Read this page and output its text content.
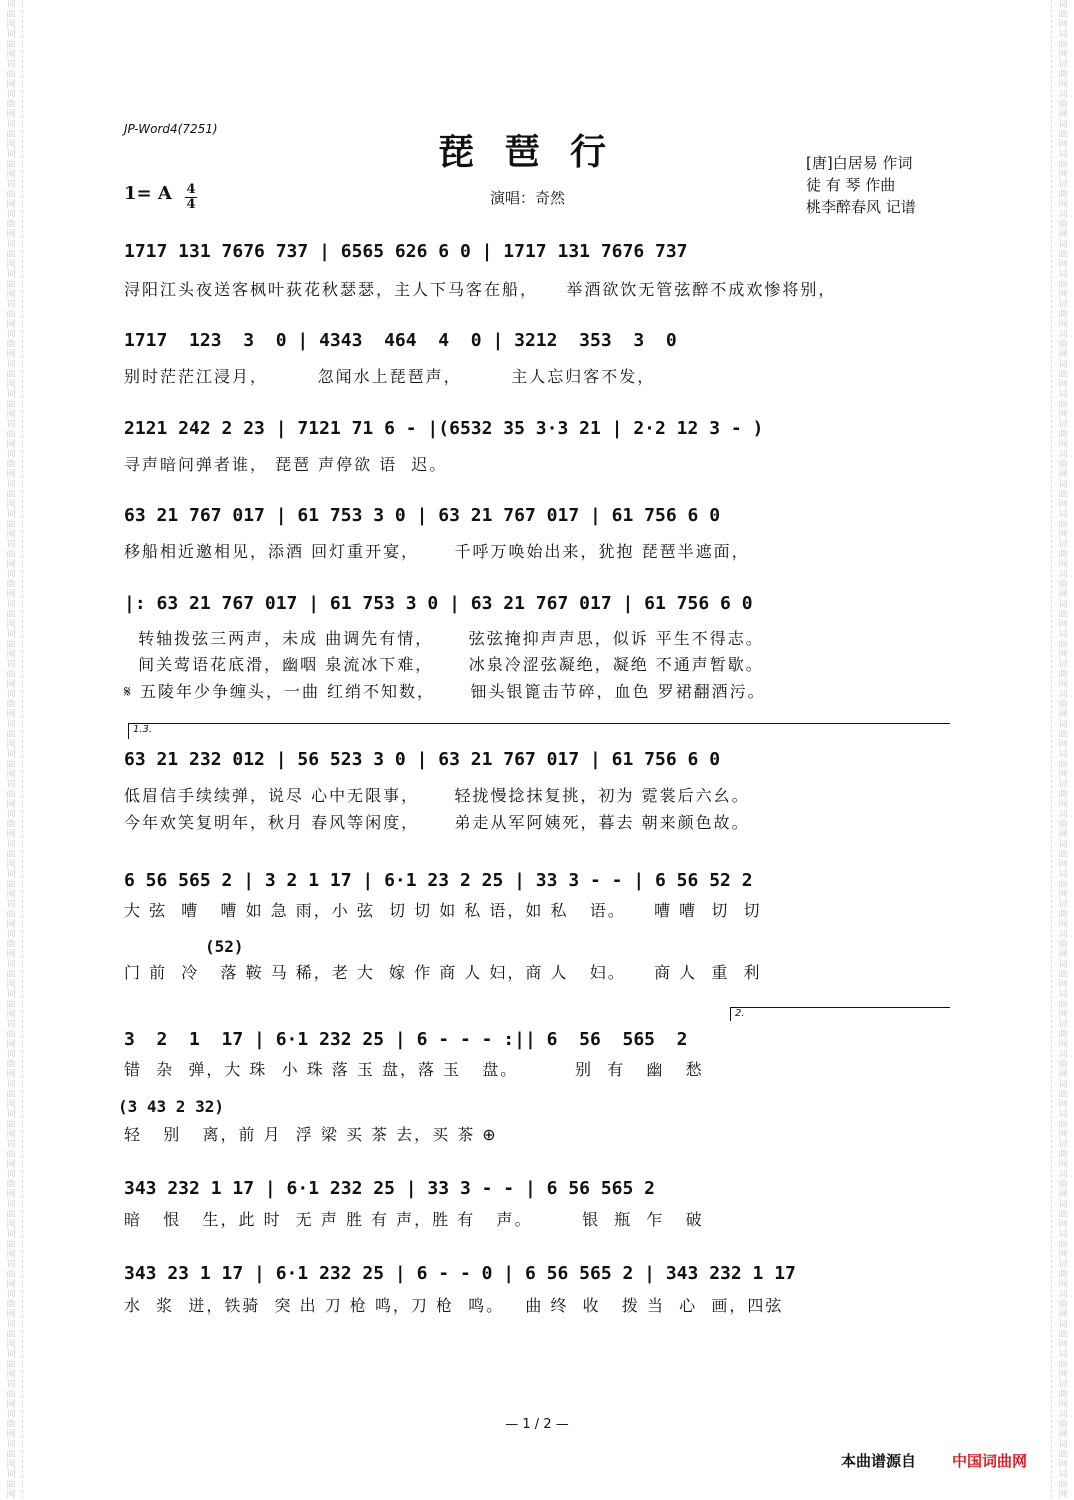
词曲网词曲网词曲网词曲网词曲网词曲网词曲网词曲网词曲网词曲网词曲网词曲网词曲网词曲网词曲网词曲网词曲网词曲网词曲网词曲网词曲网词曲网词曲网词曲网词曲网词曲网词曲网词曲网词曲网词曲网词曲网词曲网词曲网词曲网词曲网词曲网词曲网词曲网词曲网词曲网词曲网词曲网词曲网词曲网词曲网词曲网词曲网词曲网词曲网词曲网
词曲网词曲网词曲网词曲网词曲网词曲网词曲网词曲网词曲网词曲网词曲网词曲网词曲网词曲网词曲网词曲网词曲网词曲网词曲网词曲网词曲网词曲网词曲网词曲网词曲网词曲网词曲网词曲网词曲网词曲网词曲网词曲网词曲网词曲网词曲网词曲网词曲网词曲网词曲网词曲网词曲网词曲网词曲网词曲网词曲网词曲网词曲网词曲网词曲网词曲网
JP-Word4(7251)
琵琶行
1= A 4
4	演唱：奇然
[唐]白居易 作词
徒 有 琴 作曲
桃李醉春风 记谱
1717 131 7676 737 | 6565 626 6 0 | 1717 131 7676 737
浔阳江头夜送客枫叶荻花秋瑟瑟，主人下马客在船，    举酒欲饮无管弦醉不成欢惨将别，
1717  123  3  0 | 4343  464  4  0 | 3212  353  3  0
别时茫茫江浸月，       忽闻水上琵琶声，       主人忘归客不发，
2121 242 2 23 | 7121 71 6 - |(6532 35 3·3 21 | 2·2 12 3 - )
寻声暗问弹者谁， 琵琶 声停欲 语  迟。
63 21 767 017 | 61 753 3 0 | 63 21 767 017 | 61 756 6 0
移船相近邀相见，添酒 回灯重开宴，     千呼万唤始出来，犹抱 琵琶半遮面，
|: 63 21 767 017 | 61 753 3 0 | 63 21 767 017 | 61 756 6 0
转轴拨弦三两声，未成 曲调先有情，     弦弦掩抑声声思，似诉 平生不得志。
间关莺语花底滑，幽咽 泉流冰下难，     冰泉冷涩弦凝绝，凝绝 不通声暂歇。
𝄋 五陵年少争缠头，一曲 红绡不知数，     钿头银篦击节碎，血色 罗裙翻酒污。
1.3.
63 21 232 012 | 56 523 3 0 | 63 21 767 017 | 61 756 6 0
低眉信手续续弹，说尽 心中无限事，     轻拢慢捻抹复挑，初为 霓裳后六幺。
今年欢笑复明年，秋月 春风等闲度，     弟走从军阿姨死，暮去 朝来颜色故。
6 56 565 2 | 3 2 1 17 | 6·1 23 2 25 | 33 3 - - | 6 56 52 2
大 弦  嘈   嘈 如 急 雨，小 弦  切 切 如 私 语，如 私   语。    嘈 嘈  切  切
(52)
门 前  冷   落 鞍 马 稀，老 大  嫁 作 商 人 妇，商 人   妇。    商 人  重  利
2.
3  2  1  17 | 6·1 232 25 | 6 - - - :|| 6  56  565  2
错  杂  弹，大 珠  小 珠 落 玉 盘，落 玉   盘。        别  有   幽   愁
(3 43 2 32)
轻   别   离，前 月  浮 梁 买 茶 去，买 茶 ⊕
343 232 1 17 | 6·1 232 25 | 33 3 - - | 6 56 565 2
暗   恨   生，此 时  无 声 胜 有 声，胜 有   声。       银  瓶  乍   破
343 23 1 17 | 6·1 232 25 | 6 - - 0 | 6 56 565 2 | 343 232 1 17
水  浆  迸，铁骑  突 出 刀 枪 鸣，刀 枪  鸣。   曲 终  收   拨 当  心  画，四弦
— 1 / 2 —
本曲谱源自 中国词曲网
